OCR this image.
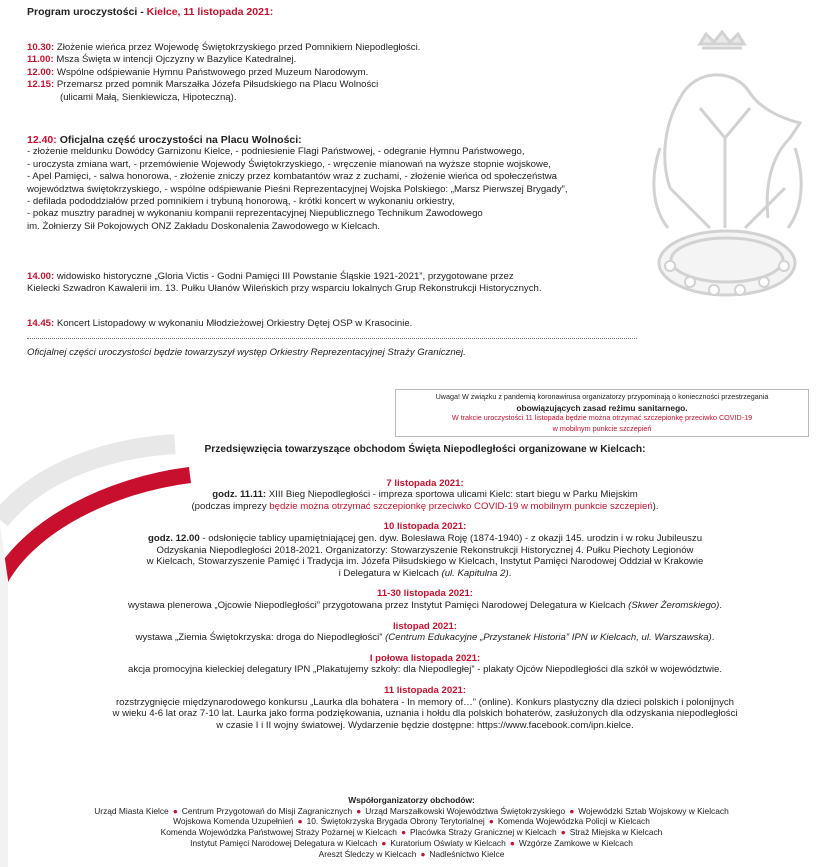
Program uroczystości - Kielce, 11 listopada 2021:
10.30: Złożenie wieńca przez Wojewodę Świętokrzyskiego przed Pomnikiem Niepodległości.
11.00: Msza Święta w intencji Ojczyzny w Bazylice Katedralnej.
12.00: Wspólne odśpiewanie Hymnu Państwowego przed Muzeum Narodowym.
12.15: Przemarsz przed pomnik Marszałka Józefa Piłsudskiego na Placu Wolności
(ulicami Małą, Sienkiewicza, Hipoteczną).
12.40: Oficjalna część uroczystości na Placu Wolności:
- złożenie meldunku Dowódcy Garnizonu Kielce, - podniesienie Flagi Państwowej, - odegranie Hymnu Państwowego,
- uroczysta zmiana wart, - przemówienie Wojewody Świętokrzyskiego, - wręczenie mianowań na wyższe stopnie wojskowe,
- Apel Pamięci, - salwa honorowa, - złożenie zniczy przez kombatantów wraz z zuchami, - złożenie wieńca od społeczeństwa
województwa świętokrzyskiego, - wspólne odśpiewanie Pieśni Reprezentacyjnej Wojska Polskiego: „Marsz Pierwszej Brygady”,
- defilada pododdziałów przed pomnikiem i trybuną honorową, - krótki koncert w wykonaniu orkiestry,
- pokaz musztry paradnej w wykonaniu kompanii reprezentacyjnej Niepublicznego Technikum Zawodowego
im. Żołnierzy Sił Pokojowych ONZ Zakładu Doskonalenia Zawodowego w Kielcach.
14.00: widowisko historyczne „Gloria Victis - Godni Pamięci III Powstanie Śląskie 1921-2021”, przygotowane przez
Kielecki Szwadron Kawalerii im. 13. Pułku Ułanów Wileńskich przy wsparciu lokalnych Grup Rekonstrukcji Historycznych.
14.45: Koncert Listopadowy w wykonaniu Młodzieżowej Orkiestry Dętej OSP w Krasocinie.
Oficjalnej części uroczystości będzie towarzyszył występ Orkiestry Reprezentacyjnej Straży Granicznej.
Uwaga! W związku z pandemią koronawirusa organizatorzy przypominają o konieczności przestrzegania
obowiązujących zasad reżimu sanitarnego.
W trakcie uroczystości 11 listopada będzie można otrzymać szczepionkę przeciwko COVID-19
w mobilnym punkcie szczepień
Przedsięwzięcia towarzyszące obchodom Święta Niepodległości organizowane w Kielcach:
7 listopada 2021:
godz. 11.11: XIII Bieg Niepodległości - impreza sportowa ulicami Kielc: start biegu w Parku Miejskim
(podczas imprezy będzie można otrzymać szczepionkę przeciwko COVID-19 w mobilnym punkcie szczepień).
10 listopada 2021:
godz. 12.00 - odsłonięcie tablicy upamiętniającej gen. dyw. Bolesława Roję (1874-1940) - z okazji 145. urodzin i w roku Jubileuszu
Odzyskania Niepodległości 2018-2021. Organizatorzy: Stowarzyszenie Rekonstrukcji Historycznej 4. Pułku Piechoty Legionów
w Kielcach, Stowarzyszenie Pamięć i Tradycja im. Józefa Piłsudskiego w Kielcach, Instytut Pamięci Narodowej Oddział w Krakowie
i Delegatura w Kielcach (ul. Kapitulna 2).
11-30 listopada 2021:
wystawa plenerowa „Ojcowie Niepodległości” przygotowana przez Instytut Pamięci Narodowej Delegatura w Kielcach (Skwer Żeromskiego).
listopad 2021:
wystawa „Ziemia Świętokrzyska: droga do Niepodległości” (Centrum Edukacyjne „Przystanek Historia” IPN w Kielcach, ul. Warszawska).
I połowa listopada 2021:
akcja promocyjna kieleckiej delegatury IPN „Plakatujemy szkoły: dla Niepodległej” - plakaty Ojców Niepodległości dla szkół w województwie.
11 listopada 2021:
rozstrzygnięcie międzynarodowego konkursu „Laurka dla bohatera - In memory of…” (online). Konkurs plastyczny dla dzieci polskich i polonijnych
w wieku 4-6 lat oraz 7-10 lat. Laurka jako forma podziękowania, uznania i hołdu dla polskich bohaterów, zasłużonych dla odzyskania niepodległości
w czasie I i II wojny światowej. Wydarzenie będzie dostępne: https://www.facebook.com/ipn.kielce.
Współorganizatorzy obchodów:
Urząd Miasta Kielce ● Centrum Przygotowań do Misji Zagranicznych ● Urząd Marszałkowski Województwa Świętokrzyskiego ● Wojewódzki Sztab Wojskowy w Kielcach
Wojskowa Komenda Uzupełnień ● 10. Świętokrzyska Brygada Obrony Terytorialnej ● Komenda Wojewódzka Policji w Kielcach
Komenda Wojewódzka Państwowej Straży Pożarnej w Kielcach ● Placówka Straży Granicznej w Kielcach ● Straż Miejska w Kielcach
Instytut Pamięci Narodowej Delegatura w Kielcach ● Kuratorium Oświaty w Kielcach ● Wzgórze Zamkowe w Kielcach
Areszt Śledczy w Kielcach ● Nadleśnictwo Kielce
